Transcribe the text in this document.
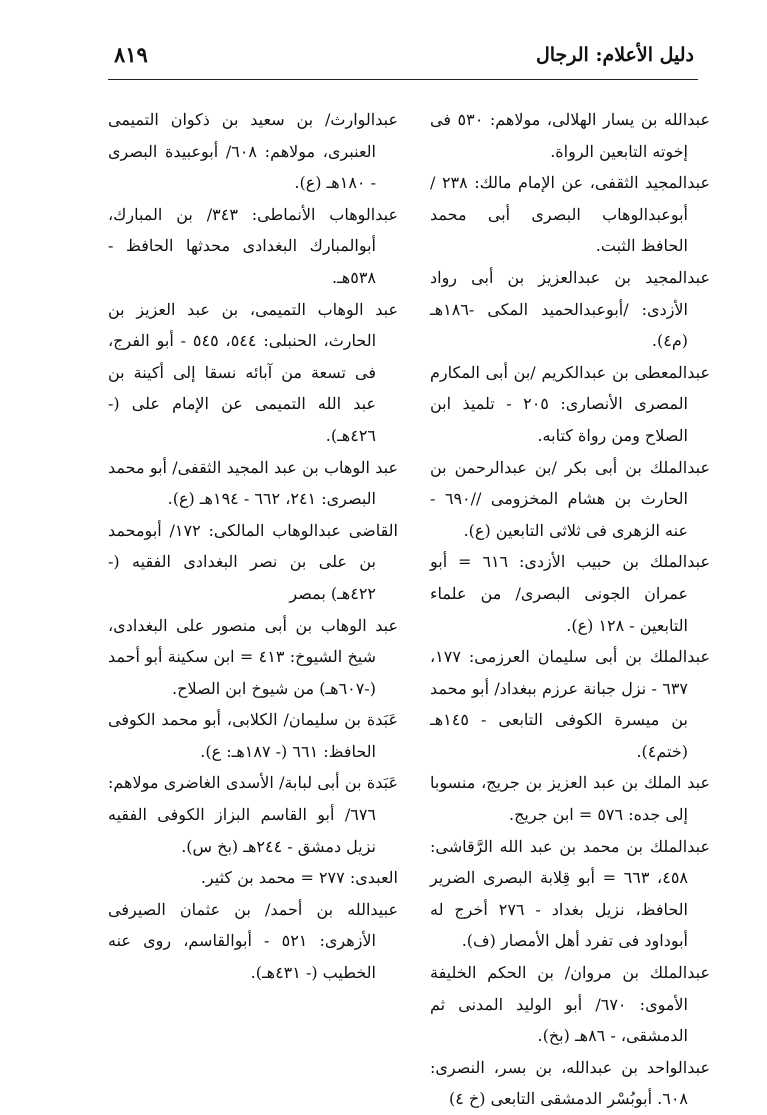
٨١٩	دليل الأعلام: الرجال

عبدالله بن يسار الهلالى، مولاهم: ٥٣٠ فى إخوته التابعين الرواة.

عبدالمجيد الثقفى، عن الإمام مالك: ٢٣٨ /أبوعبدالوهاب البصرى أبى محمد الحافظ الثبت.

عبدالمجيد بن عبدالعزيز بن أبى رواد الأزدى: /أبوعبدالحميد المكى -١٨٦هـ (م٤).

عبدالمعطى بن عبدالكريم /بن أبى المكارم المصرى الأنصارى: ٢٠٥ - تلميذ ابن الصلاح ومن رواة كتابه.

عبدالملك بن أبى بكر /بن عبدالرحمن بن الحارث بن هشام المخزومى //٦٩٠ - عنه الزهرى فى ثلاثى التابعين (ع).

عبدالملك بن حبيب الأزدى: ٦١٦ = أبو عمران الجونى البصرى/ من علماء التابعين - ١٢٨ (ع).

عبدالملك بن أبى سليمان العرزمى: ١٧٧، ٦٣٧ - نزل جبانة عرزم ببغداد/ أبو محمد بن ميسرة الكوفى التابعى - ١٤٥هـ (ختم٤).

عبد الملك بن عبد العزيز بن جريج، منسوبا إلى جده: ٥٧٦ = ابن جريج.

عبدالملك بن محمد بن عبد الله الرَّقاشى: ٤٥٨، ٦٦٣ = أبو قِلابة البصرى الضرير الحافظ، نزيل بغداد - ٢٧٦ أخرج له أبوداود فى تفرد أهل الأمصار (ف).

عبدالملك بن مروان/ بن الحكم الخليفة الأموى: ٦٧٠/ أبو الوليد المدنى ثم الدمشقى، - ٨٦هـ (بخ).

عبدالواحد بن عبدالله، بن بسر، النصرى: ٦٠٨. أبوبُسْر الدمشقى التابعى (خ ٤)

عبدالوارث/ بن سعيد بن ذكوان التميمى العنبرى، مولاهم: ٦٠٨/ أبوعبيدة البصرى - ١٨٠هـ (ع).

عبدالوهاب الأنماطى: ٣٤٣/ بن المبارك، أبوالمبارك البغدادى محدثها الحافظ - ٥٣٨هـ.

عبد الوهاب التميمى، بن عبد العزيز بن الحارث، الحنبلى: ٥٤٤، ٥٤٥ - أبو الفرج، فى تسعة من آبائه نسقا إلى أكينة بن عبد الله التميمى عن الإمام على (- ٤٢٦هـ).

عبد الوهاب بن عبد المجيد الثقفى/ أبو محمد البصرى: ٢٤١، ٦٦٢ - ١٩٤هـ (ع).

القاضى عبدالوهاب المالكى: ١٧٢/ أبومحمد بن على بن نصر البغدادى الفقيه (- ٤٢٢هـ) بمصر

عبد الوهاب بن أبى منصور على البغدادى، شيخ الشيوخ: ٤١٣ = ابن سكينة أبو أحمد (-٦٠٧هـ) من شيوخ ابن الصلاح.

عَبَدة بن سليمان/ الكلابى، أبو محمد الكوفى الحافظ: ٦٦١ (- ١٨٧هـ: ع).

عَبَدة بن أبى لبابة/ الأسدى الغاضرى مولاهم: ٦٧٦/ أبو القاسم البزاز الكوفى الفقيه نزيل دمشق - ٢٤٤هـ (بخ س).

العبدى: ٢٧٧ = محمد بن كثير.

عبيدالله بن أحمد/ بن عثمان الصيرفى الأزهرى: ٥٢١ - أبوالقاسم، روى عنه الخطيب (- ٤٣١هـ).
